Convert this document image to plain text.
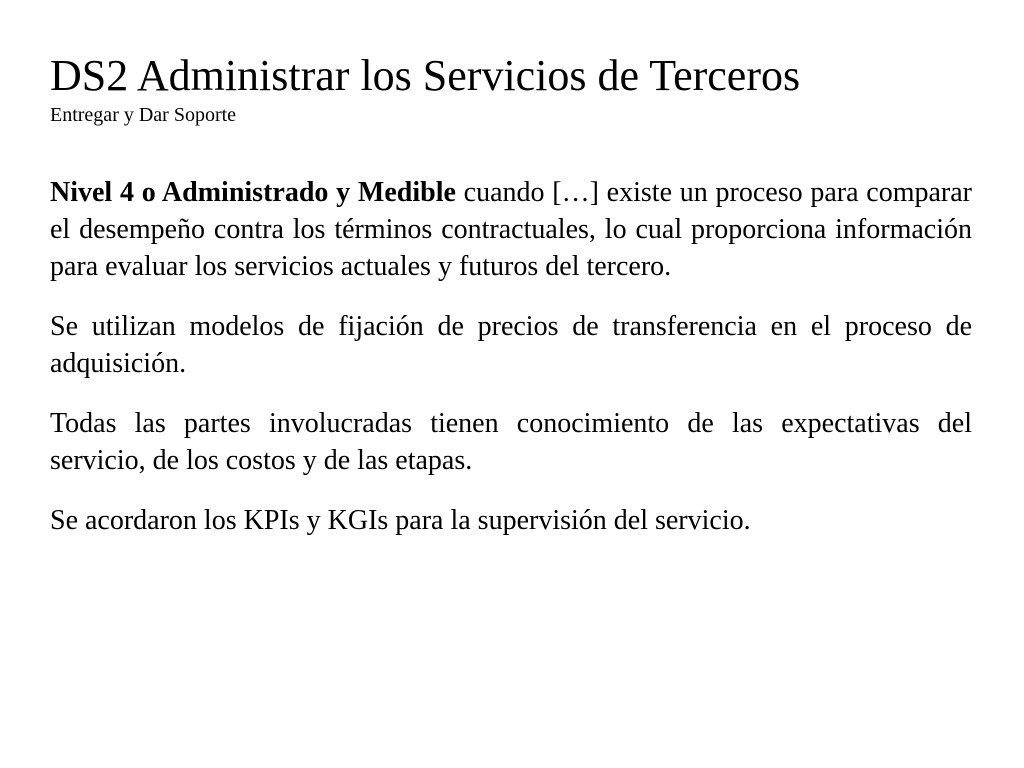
DS2 Administrar los Servicios de Terceros

Entregar y Dar Soporte

Nivel 4 o Administrado y Medible cuando […] existe un proceso para comparar el desempeño contra los términos contractuales, lo cual proporciona información para evaluar los servicios actuales y futuros del tercero.

Se utilizan modelos de fijación de precios de transferencia en el proceso de adquisición.

Todas las partes involucradas tienen conocimiento de las expectativas del servicio, de los costos y de las etapas.

Se acordaron los KPIs y KGIs para la supervisión del servicio.
